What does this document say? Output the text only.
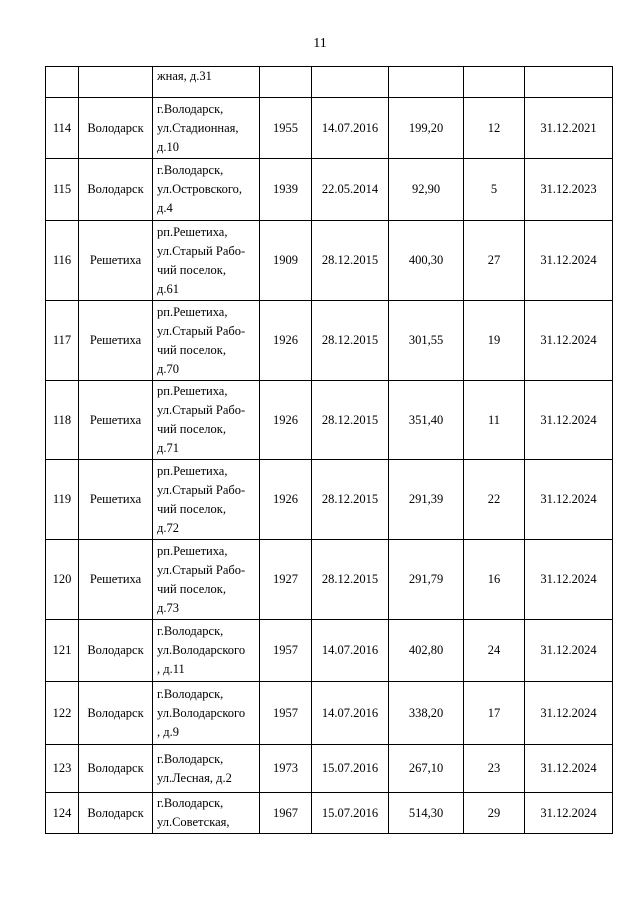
11

		жная, д.31					

114	Володарск	г.Володарск,
ул.Стадионная,
д.10	1955	14.07.2016	199,20	12	31.12.2021
115	Володарск	г.Володарск,
ул.Островского,
д.4	1939	22.05.2014	92,90	5	31.12.2023
116	Решетиха	рп.Решетиха,
ул.Старый Рабо-
чий поселок,
д.61	1909	28.12.2015	400,30	27	31.12.2024
117	Решетиха	рп.Решетиха,
ул.Старый Рабо-
чий поселок,
д.70	1926	28.12.2015	301,55	19	31.12.2024
118	Решетиха	рп.Решетиха,
ул.Старый Рабо-
чий поселок,
д.71	1926	28.12.2015	351,40	11	31.12.2024
119	Решетиха	рп.Решетиха,
ул.Старый Рабо-
чий поселок,
д.72	1926	28.12.2015	291,39	22	31.12.2024
120	Решетиха	рп.Решетиха,
ул.Старый Рабо-
чий поселок,
д.73	1927	28.12.2015	291,79	16	31.12.2024
121	Володарск	г.Володарск,
ул.Володарского
, д.11	1957	14.07.2016	402,80	24	31.12.2024
122	Володарск	г.Володарск,
ул.Володарского
, д.9	1957	14.07.2016	338,20	17	31.12.2024
123	Володарск	г.Володарск,
ул.Лесная, д.2	1973	15.07.2016	267,10	23	31.12.2024
124	Володарск	г.Володарск,
ул.Советская,	1967	15.07.2016	514,30	29	31.12.2024
